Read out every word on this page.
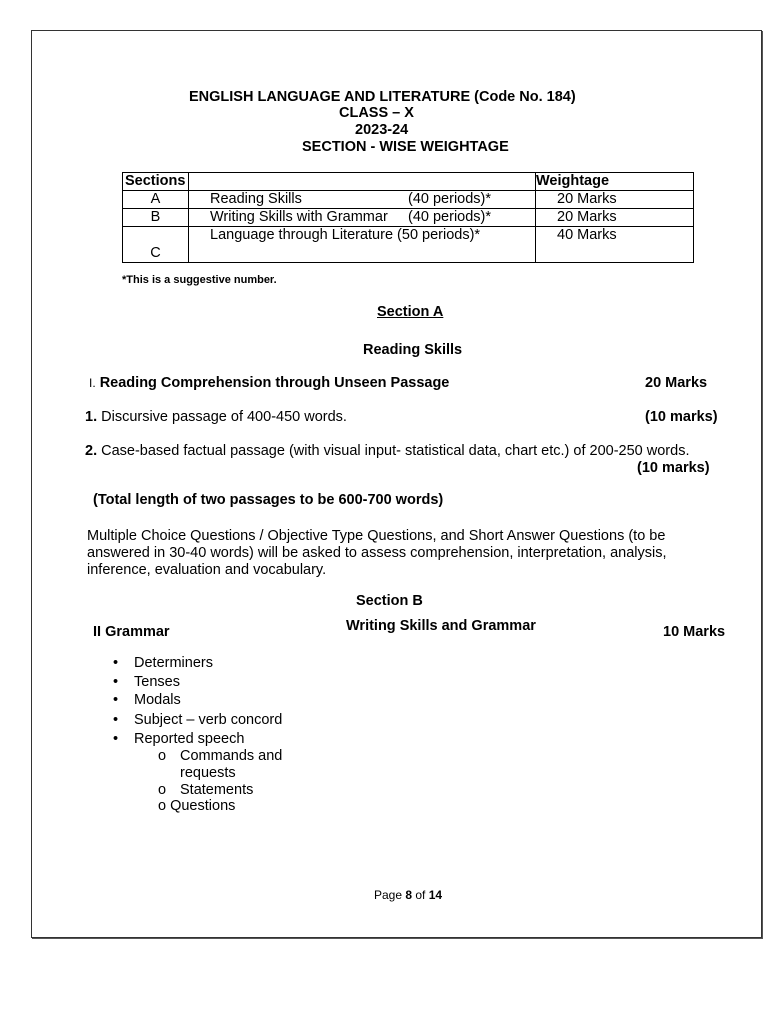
ENGLISH LANGUAGE AND LITERATURE (Code No. 184)
CLASS – X
2023-24
SECTION - WISE WEIGHTAGE
Sections		Weightage
A	Reading Skills (40 periods)*	20 Marks
B	Writing Skills with Grammar (40 periods)*	20 Marks
C	Language through Literature (50 periods)*	40 Marks
*This is a suggestive number.
Section A
Reading Skills
I. Reading Comprehension through Unseen Passage	20 Marks
1. Discursive passage of 400-450 words.	(10 marks)
2. Case-based factual passage (with visual input- statistical data, chart etc.) of 200-250 words.
(10 marks)
(Total length of two passages to be 600-700 words)
Multiple Choice Questions / Objective Type Questions, and Short Answer Questions (to be
answered in 30-40 words) will be asked to assess comprehension, interpretation, analysis,
inference, evaluation and vocabulary.
Section B
Writing Skills and Grammar
II Grammar	10 Marks
• Determiners
• Tenses
• Modals
• Subject – verb concord
• Reported speech
o Commands and
requests
o Statements
o Questions
Page 8 of 14
